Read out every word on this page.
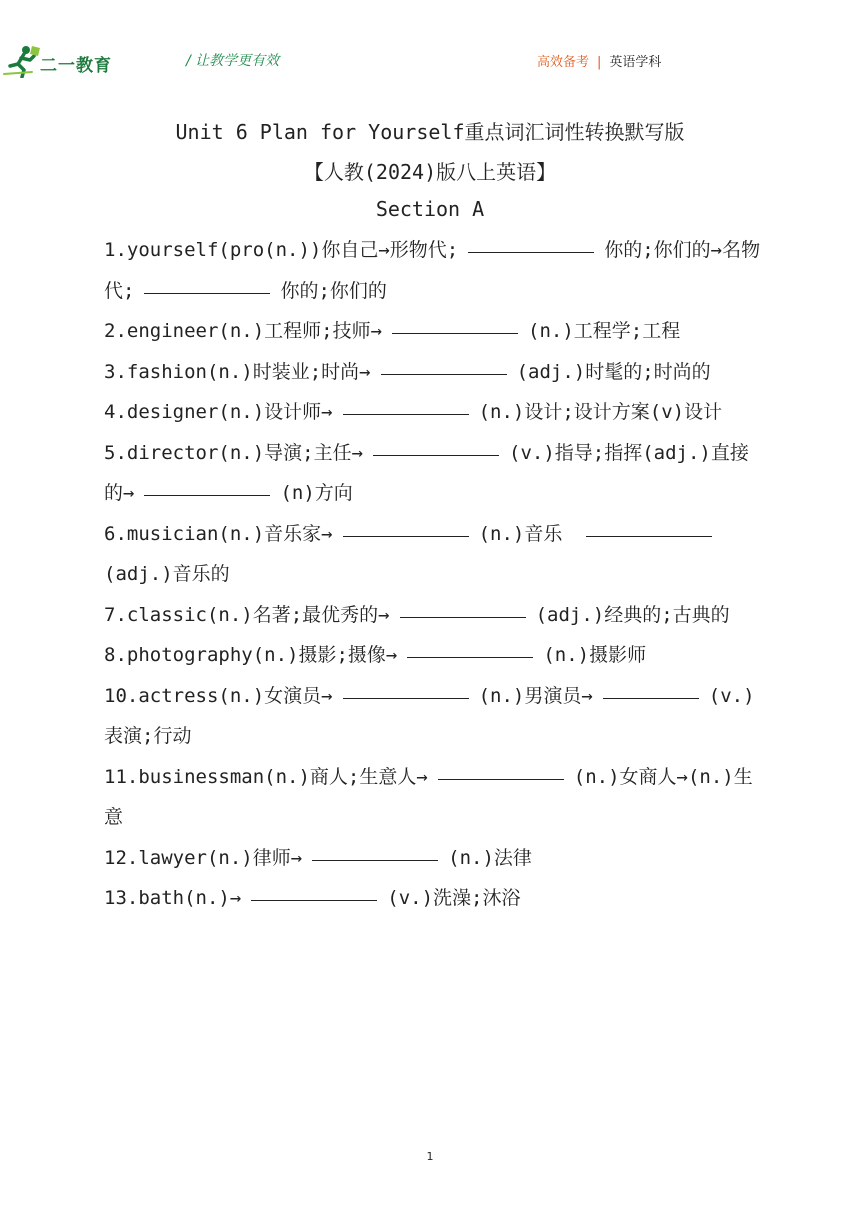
二一教育	/ 让教学更有效	高效备考 | 英语学科
Unit 6 Plan for Yourself重点词汇词性转换默写版
【人教(2024)版八上英语】
Section A
1.yourself(pro(n.))你自己→形物代;	你的;你们的→名物代;	你的;你们的
2.engineer(n.)工程师;技师→	(n.)工程学;工程
3.fashion(n.)时装业;时尚→	(adj.)时髦的;时尚的
4.designer(n.)设计师→	(n.)设计;设计方案(v)设计
5.director(n.)导演;主任→	(v.)指导;指挥(adj.)直接的→	(n)方向
6.musician(n.)音乐家→	(n.)音乐(adj.)音乐的
7.classic(n.)名著;最优秀的→	(adj.)经典的;古典的
8.photography(n.)摄影;摄像→	(n.)摄影师
10.actress(n.)女演员→	(n.)男演员→	(v.)表演;行动
11.businessman(n.)商人;生意人→	(n.)女商人→(n.)生意
12.lawyer(n.)律师→	(n.)法律
13.bath(n.)→	(v.)洗澡;沐浴
1
